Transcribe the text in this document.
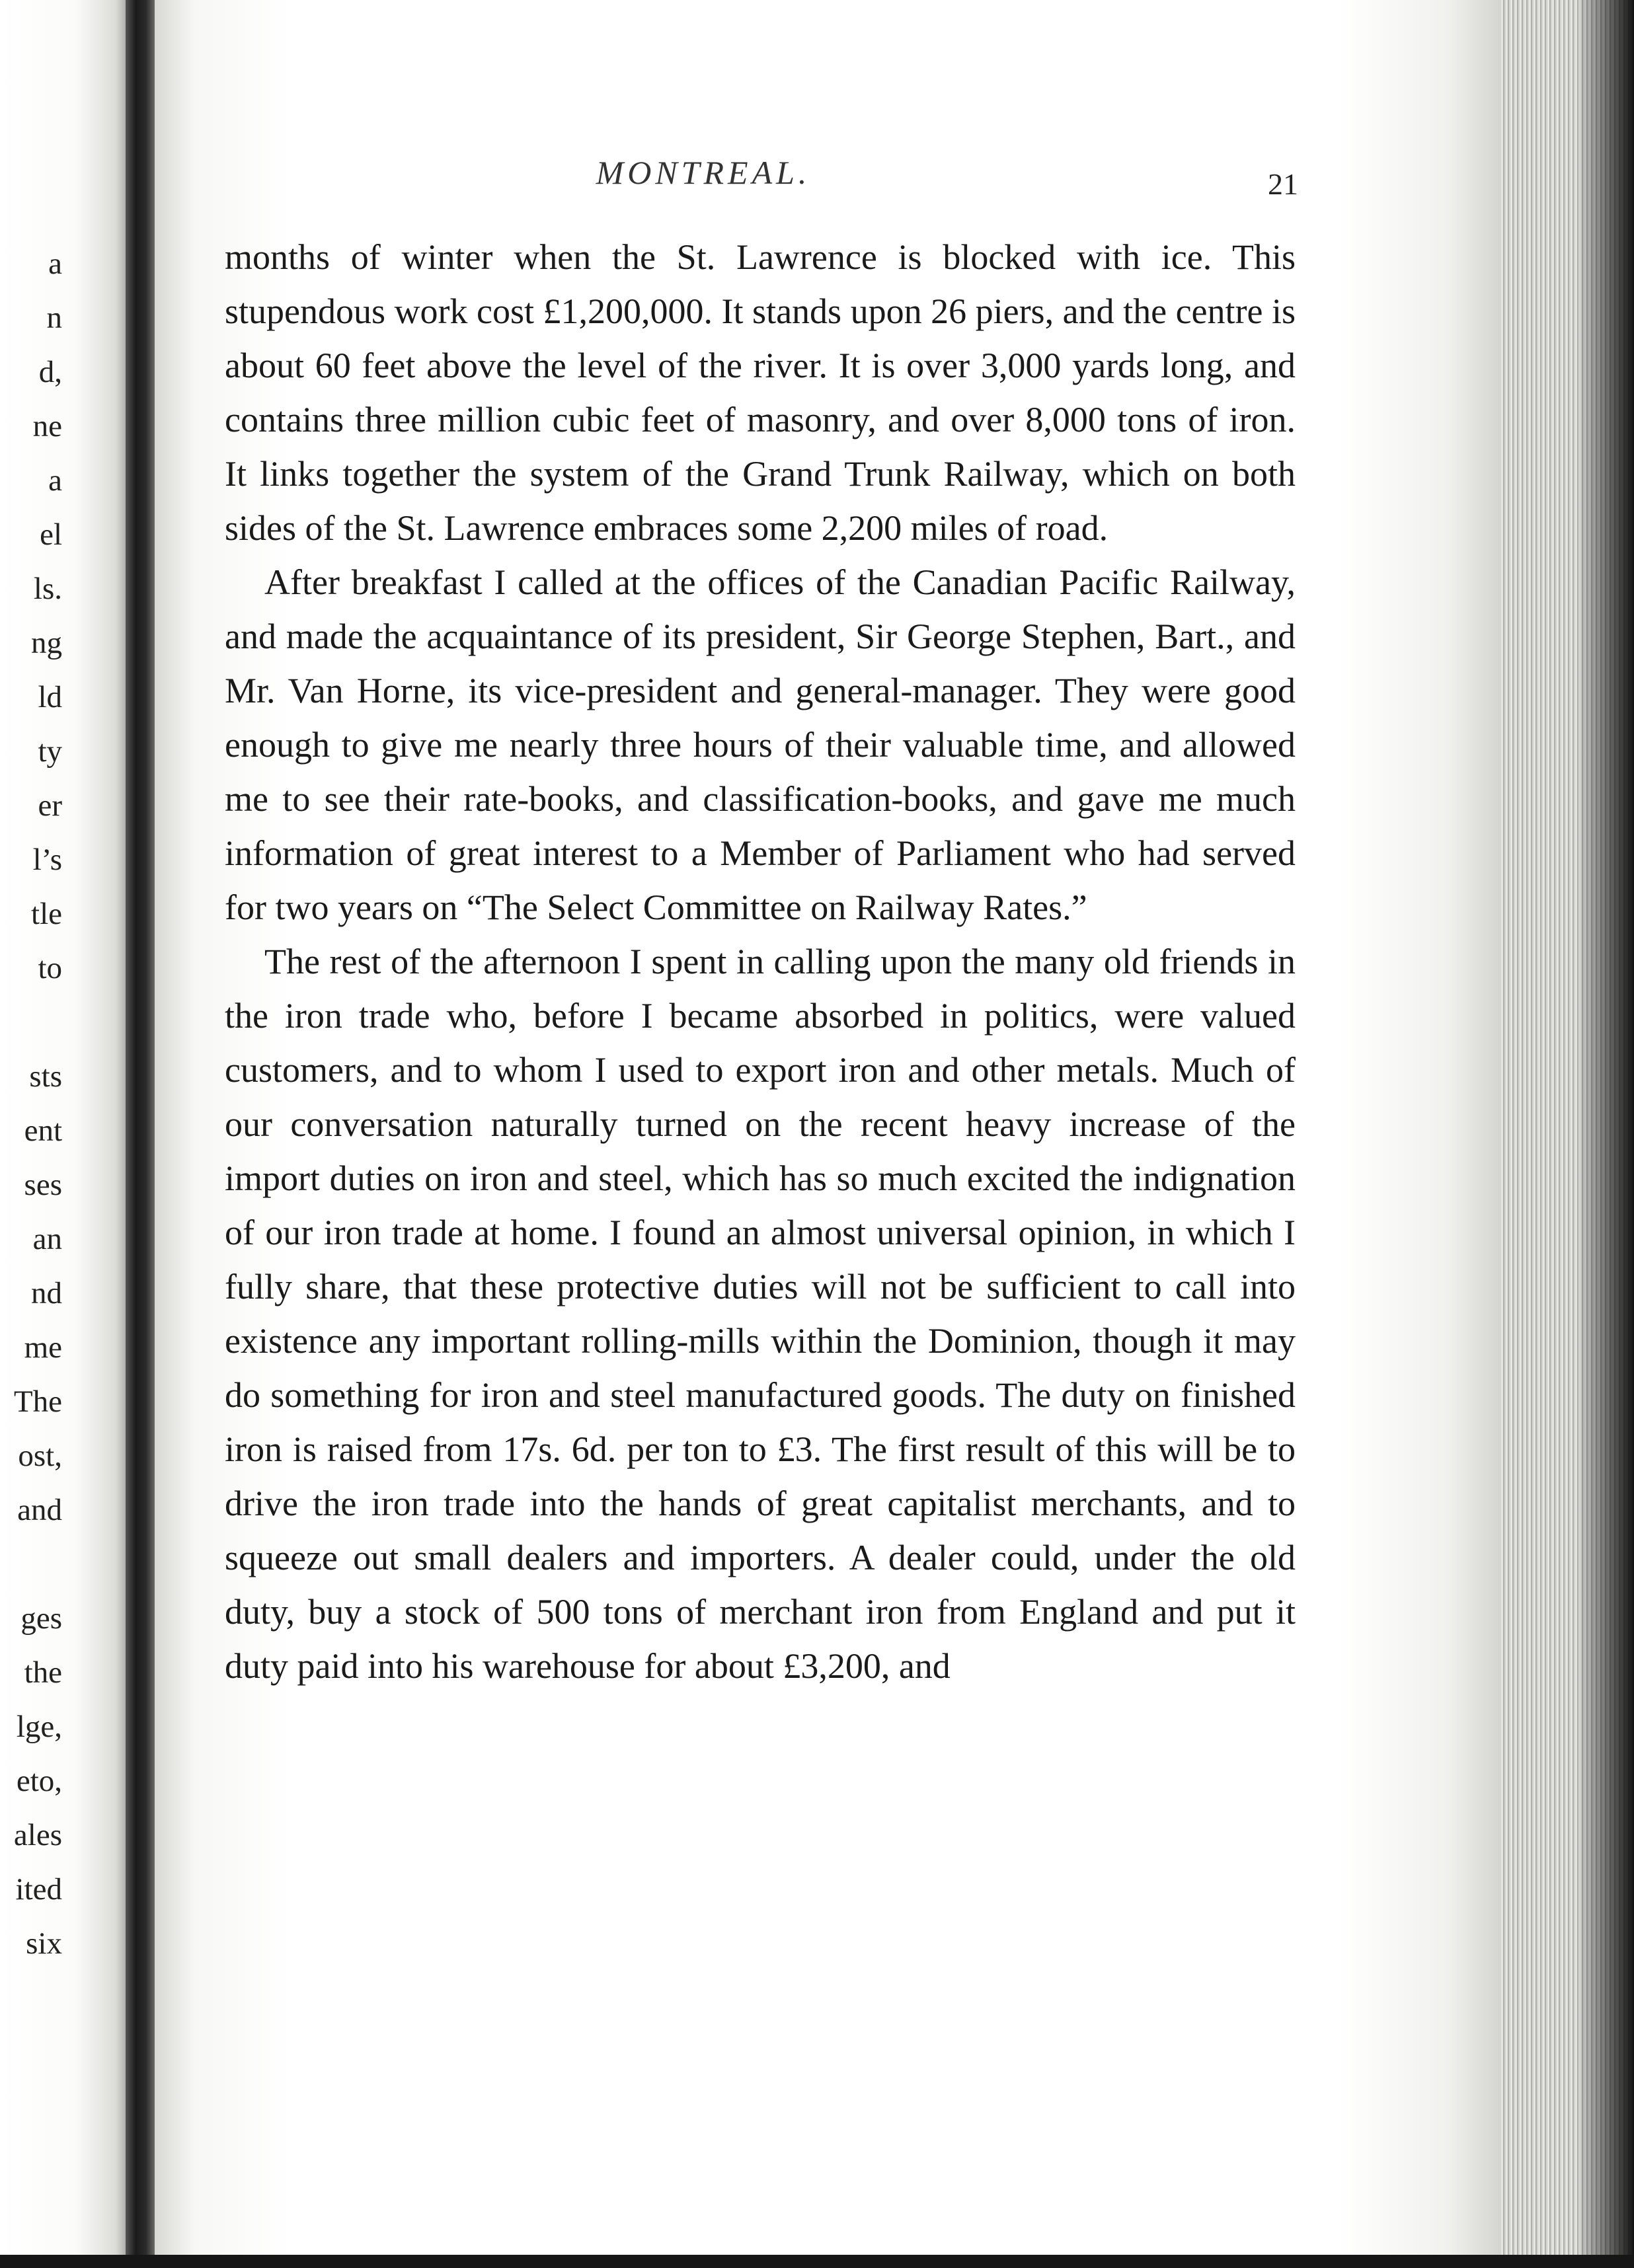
a
n
d,
ne
a
el
ls.
ng
ld
ty
er
l’s
tle
to
sts
ent
ses
an
nd
me
The
ost,
and
ges
the
lge,
eto,
ales
ited
six
MONTREAL.	21

months of winter when the St. Lawrence is blocked with ice. This stupendous work cost £1,200,000. It stands upon 26 piers, and the centre is about 60 feet above the level of the river. It is over 3,000 yards long, and contains three million cubic feet of masonry, and over 8,000 tons of iron. It links together the system of the Grand Trunk Railway, which on both sides of the St. Lawrence embraces some 2,200 miles of road.

After breakfast I called at the offices of the Canadian Pacific Railway, and made the acquaintance of its president, Sir George Stephen, Bart., and Mr. Van Horne, its vice-president and general-manager. They were good enough to give me nearly three hours of their valuable time, and allowed me to see their rate-books, and classification-books, and gave me much information of great interest to a Member of Parliament who had served for two years on “The Select Committee on Railway Rates.”

The rest of the afternoon I spent in calling upon the many old friends in the iron trade who, before I became absorbed in politics, were valued customers, and to whom I used to export iron and other metals. Much of our conversation naturally turned on the recent heavy increase of the import duties on iron and steel, which has so much excited the indignation of our iron trade at home. I found an almost universal opinion, in which I fully share, that these protective duties will not be sufficient to call into existence any important rolling-mills within the Dominion, though it may do something for iron and steel manufactured goods. The duty on finished iron is raised from 17s. 6d. per ton to £3. The first result of this will be to drive the iron trade into the hands of great capitalist merchants, and to squeeze out small dealers and importers. A dealer could, under the old duty, buy a stock of 500 tons of merchant iron from England and put it duty paid into his warehouse for about £3,200, and
